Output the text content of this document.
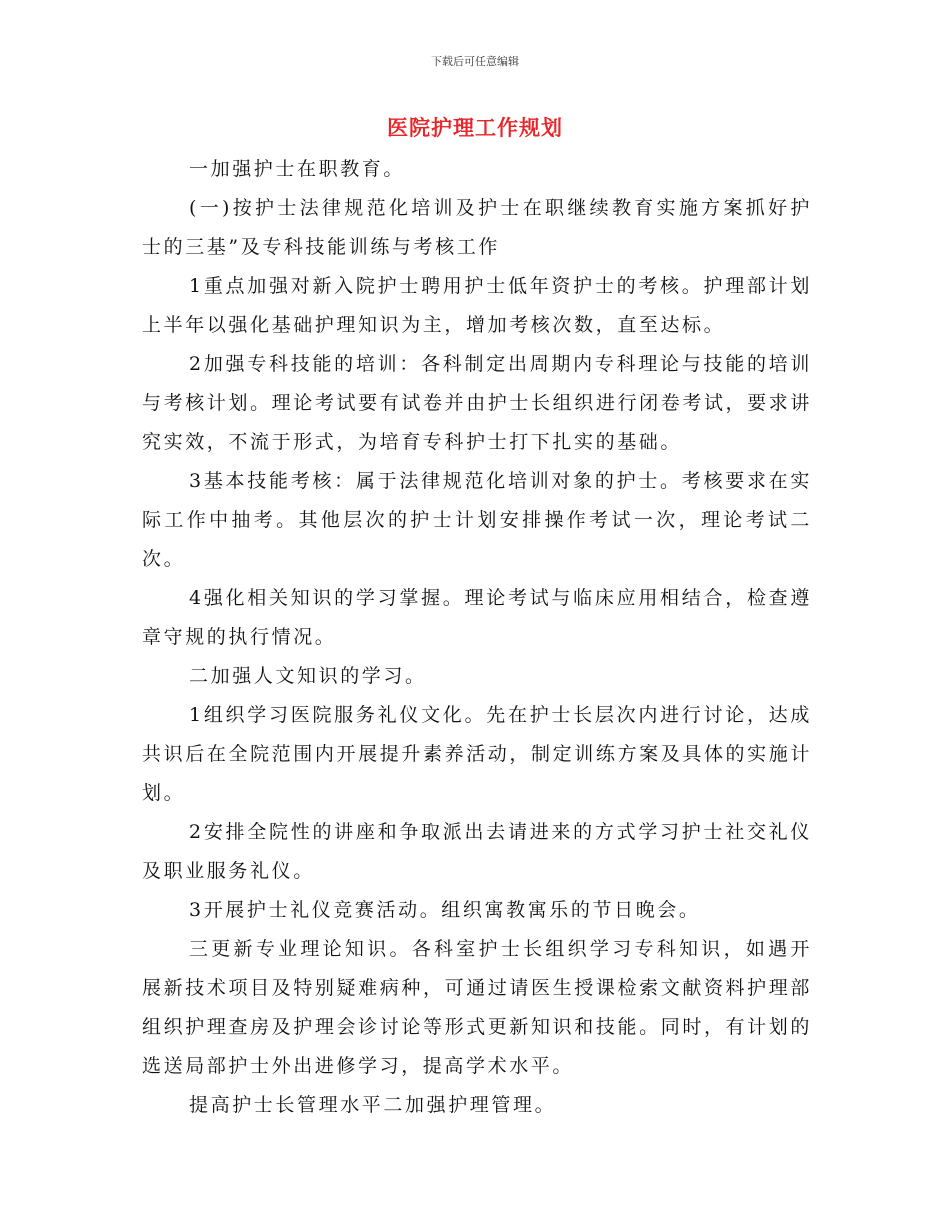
下载后可任意编辑
医院护理工作规划

一加强护士在职教育。

(一)按护士法律规范化培训及护士在职继续教育实施方案抓好护士的三基”及专科技能训练与考核工作

1重点加强对新入院护士聘用护士低年资护士的考核。护理部计划上半年以强化基础护理知识为主，增加考核次数，直至达标。

2加强专科技能的培训：各科制定出周期内专科理论与技能的培训与考核计划。理论考试要有试卷并由护士长组织进行闭卷考试，要求讲究实效，不流于形式，为培育专科护士打下扎实的基础。

3基本技能考核：属于法律规范化培训对象的护士。考核要求在实际工作中抽考。其他层次的护士计划安排操作考试一次，理论考试二次。

4强化相关知识的学习掌握。理论考试与临床应用相结合，检查遵章守规的执行情况。

二加强人文知识的学习。

1组织学习医院服务礼仪文化。先在护士长层次内进行讨论，达成共识后在全院范围内开展提升素养活动，制定训练方案及具体的实施计划。

2安排全院性的讲座和争取派出去请进来的方式学习护士社交礼仪及职业服务礼仪。

3开展护士礼仪竞赛活动。组织寓教寓乐的节日晚会。

三更新专业理论知识。各科室护士长组织学习专科知识，如遇开展新技术项目及特别疑难病种，可通过请医生授课检索文献资料护理部组织护理查房及护理会诊讨论等形式更新知识和技能。同时，有计划的选送局部护士外出进修学习，提高学术水平。

提高护士长管理水平二加强护理管理。
